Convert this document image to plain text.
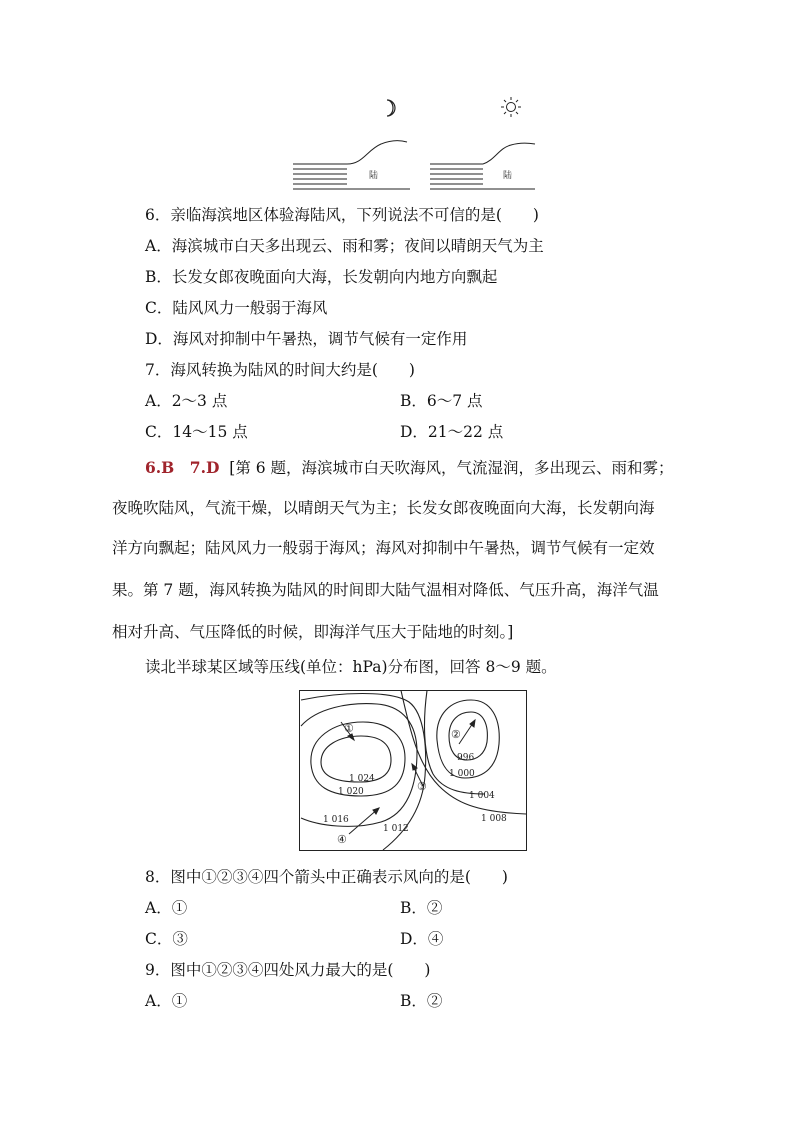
陆	陆
6．亲临海滨地区体验海陆风，下列说法不可信的是(　　)
A．海滨城市白天多出现云、雨和雾；夜间以晴朗天气为主
B．长发女郎夜晚面向大海，长发朝向内地方向飘起
C．陆风风力一般弱于海风
D．海风对抑制中午暑热，调节气候有一定作用
7．海风转换为陆风的时间大约是(　　)
A．2～3 点	B．6～7 点
C．14～15 点	D．21～22 点
6.B　7.D [第 6 题，海滨城市白天吹海风，气流湿润，多出现云、雨和雾；
夜晚吹陆风，气流干燥，以晴朗天气为主；长发女郎夜晚面向大海，长发朝向海
洋方向飘起；陆风风力一般弱于海风；海风对抑制中午暑热，调节气候有一定效
果。第 7 题，海风转换为陆风的时间即大陆气温相对降低、气压升高，海洋气温
相对升高、气压降低的时候，即海洋气压大于陆地的时刻。]
读北半球某区域等压线(单位：hPa)分布图，回答 8～9 题。
①	②
③
④
1 024
1 020
1 016
1 012
996
1 000
1 004
1 008
8．图中①②③④四个箭头中正确表示风向的是(　　)
A．①	B．②
C．③	D．④
9．图中①②③④四处风力最大的是(　　)
A．①	B．②
